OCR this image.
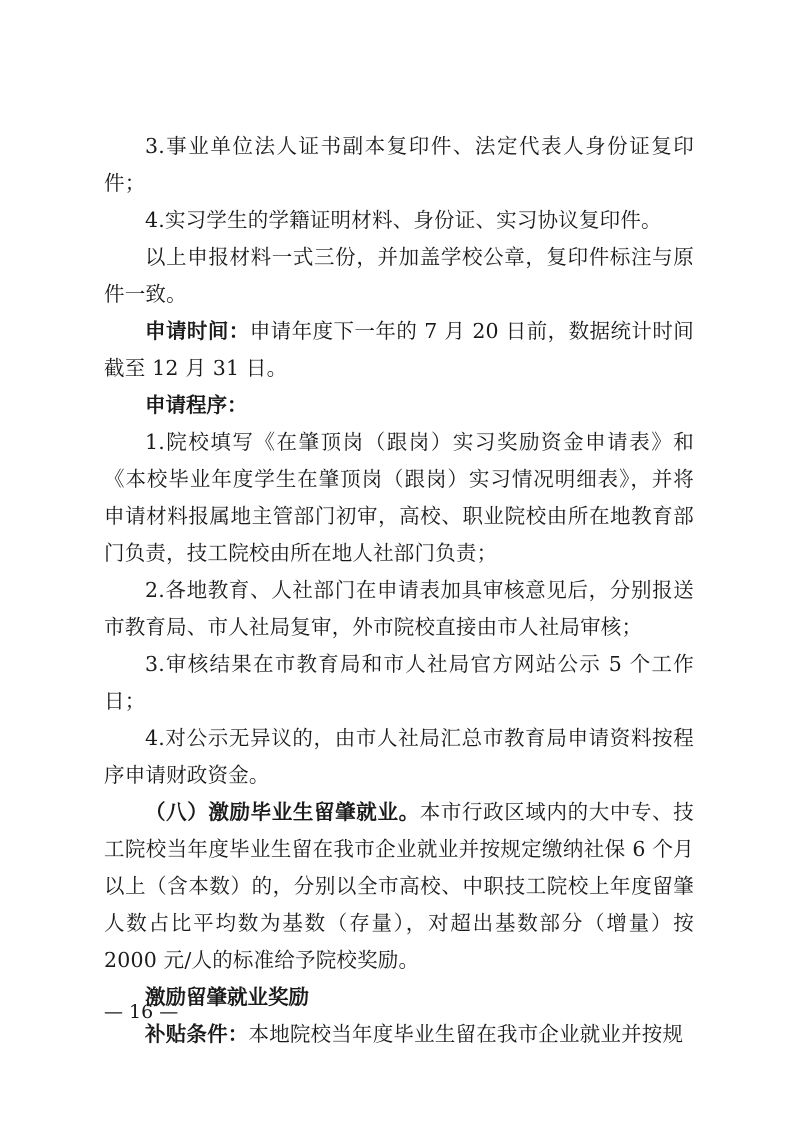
3.事业单位法人证书副本复印件、法定代表人身份证复印件；

4.实习学生的学籍证明材料、身份证、实习协议复印件。

以上申报材料一式三份，并加盖学校公章，复印件标注与原件一致。

申请时间：申请年度下一年的 7 月 20 日前，数据统计时间截至 12 月 31 日。

申请程序：

1.院校填写《在肇顶岗（跟岗）实习奖励资金申请表》和《本校毕业年度学生在肇顶岗（跟岗）实习情况明细表》，并将申请材料报属地主管部门初审，高校、职业院校由所在地教育部门负责，技工院校由所在地人社部门负责；

2.各地教育、人社部门在申请表加具审核意见后，分别报送市教育局、市人社局复审，外市院校直接由市人社局审核；

3.审核结果在市教育局和市人社局官方网站公示 5 个工作日；

4.对公示无异议的，由市人社局汇总市教育局申请资料按程序申请财政资金。

（八）激励毕业生留肇就业。本市行政区域内的大中专、技工院校当年度毕业生留在我市企业就业并按规定缴纳社保 6 个月以上（含本数）的，分别以全市高校、中职技工院校上年度留肇人数占比平均数为基数（存量），对超出基数部分（增量）按 2000 元/人的标准给予院校奖励。

激励留肇就业奖励

补贴条件：本地院校当年度毕业生留在我市企业就业并按规

— 16 —
